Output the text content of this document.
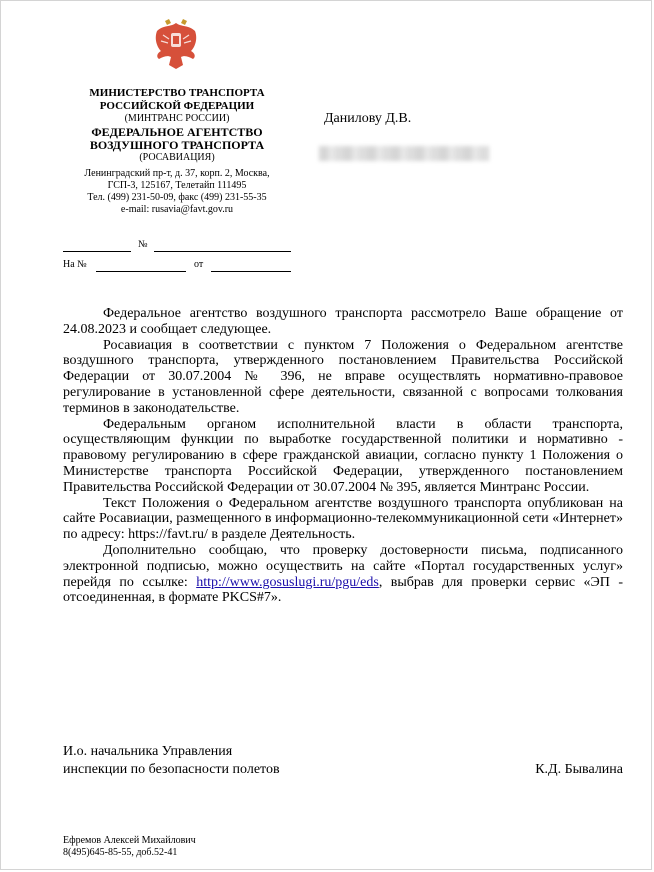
МИНИСТЕРСТВО ТРАНСПОРТА
РОССИЙСКОЙ ФЕДЕРАЦИИ
(МИНТРАНС РОССИИ)
ФЕДЕРАЛЬНОЕ АГЕНТСТВО
ВОЗДУШНОГО ТРАНСПОРТА
(РОСАВИАЦИЯ)
Ленинградский пр-т, д. 37, корп. 2, Москва,
ГСП-3, 125167, Телетайп 111495
Тел. (499) 231-50-09, факс (499) 231-55-35
e-mail: rusavia@favt.gov.ru
Данилову Д.В.
№
На №	от

Федеральное агентство воздушного транспорта рассмотрело Ваше обращение от 24.08.2023 и сообщает следующее.

Росавиация в соответствии с пунктом 7 Положения о Федеральном агентстве воздушного транспорта, утвержденного постановлением Правительства Российской Федерации от 30.07.2004 № 396, не вправе осуществлять нормативно-правовое регулирование в установленной сфере деятельности, связанной с вопросами толкования терминов в законодательстве.

Федеральным органом исполнительной власти в области транспорта, осуществляющим функции по выработке государственной политики и нормативно - правовому регулированию в сфере гражданской авиации, согласно пункту 1 Положения о Министерстве транспорта Российской Федерации, утвержденного постановлением Правительства Российской Федерации от 30.07.2004 № 395, является Минтранс России.

Текст Положения о Федеральном агентстве воздушного транспорта опубликован на сайте Росавиации, размещенного в информационно-телекоммуникационной сети «Интернет» по адресу: https://favt.ru/ в разделе Деятельность.

Дополнительно сообщаю, что проверку достоверности письма, подписанного электронной подписью, можно осуществить на сайте «Портал государственных услуг» перейдя по ссылке: http://www.gosuslugi.ru/pgu/eds, выбрав для проверки сервис «ЭП - отсоединенная, в формате PKCS#7».

И.о. начальника Управления
инспекции по безопасности полетов	К.Д. Бывалина
Ефремов Алексей Михайлович
8(495)645-85-55, доб.52-41
